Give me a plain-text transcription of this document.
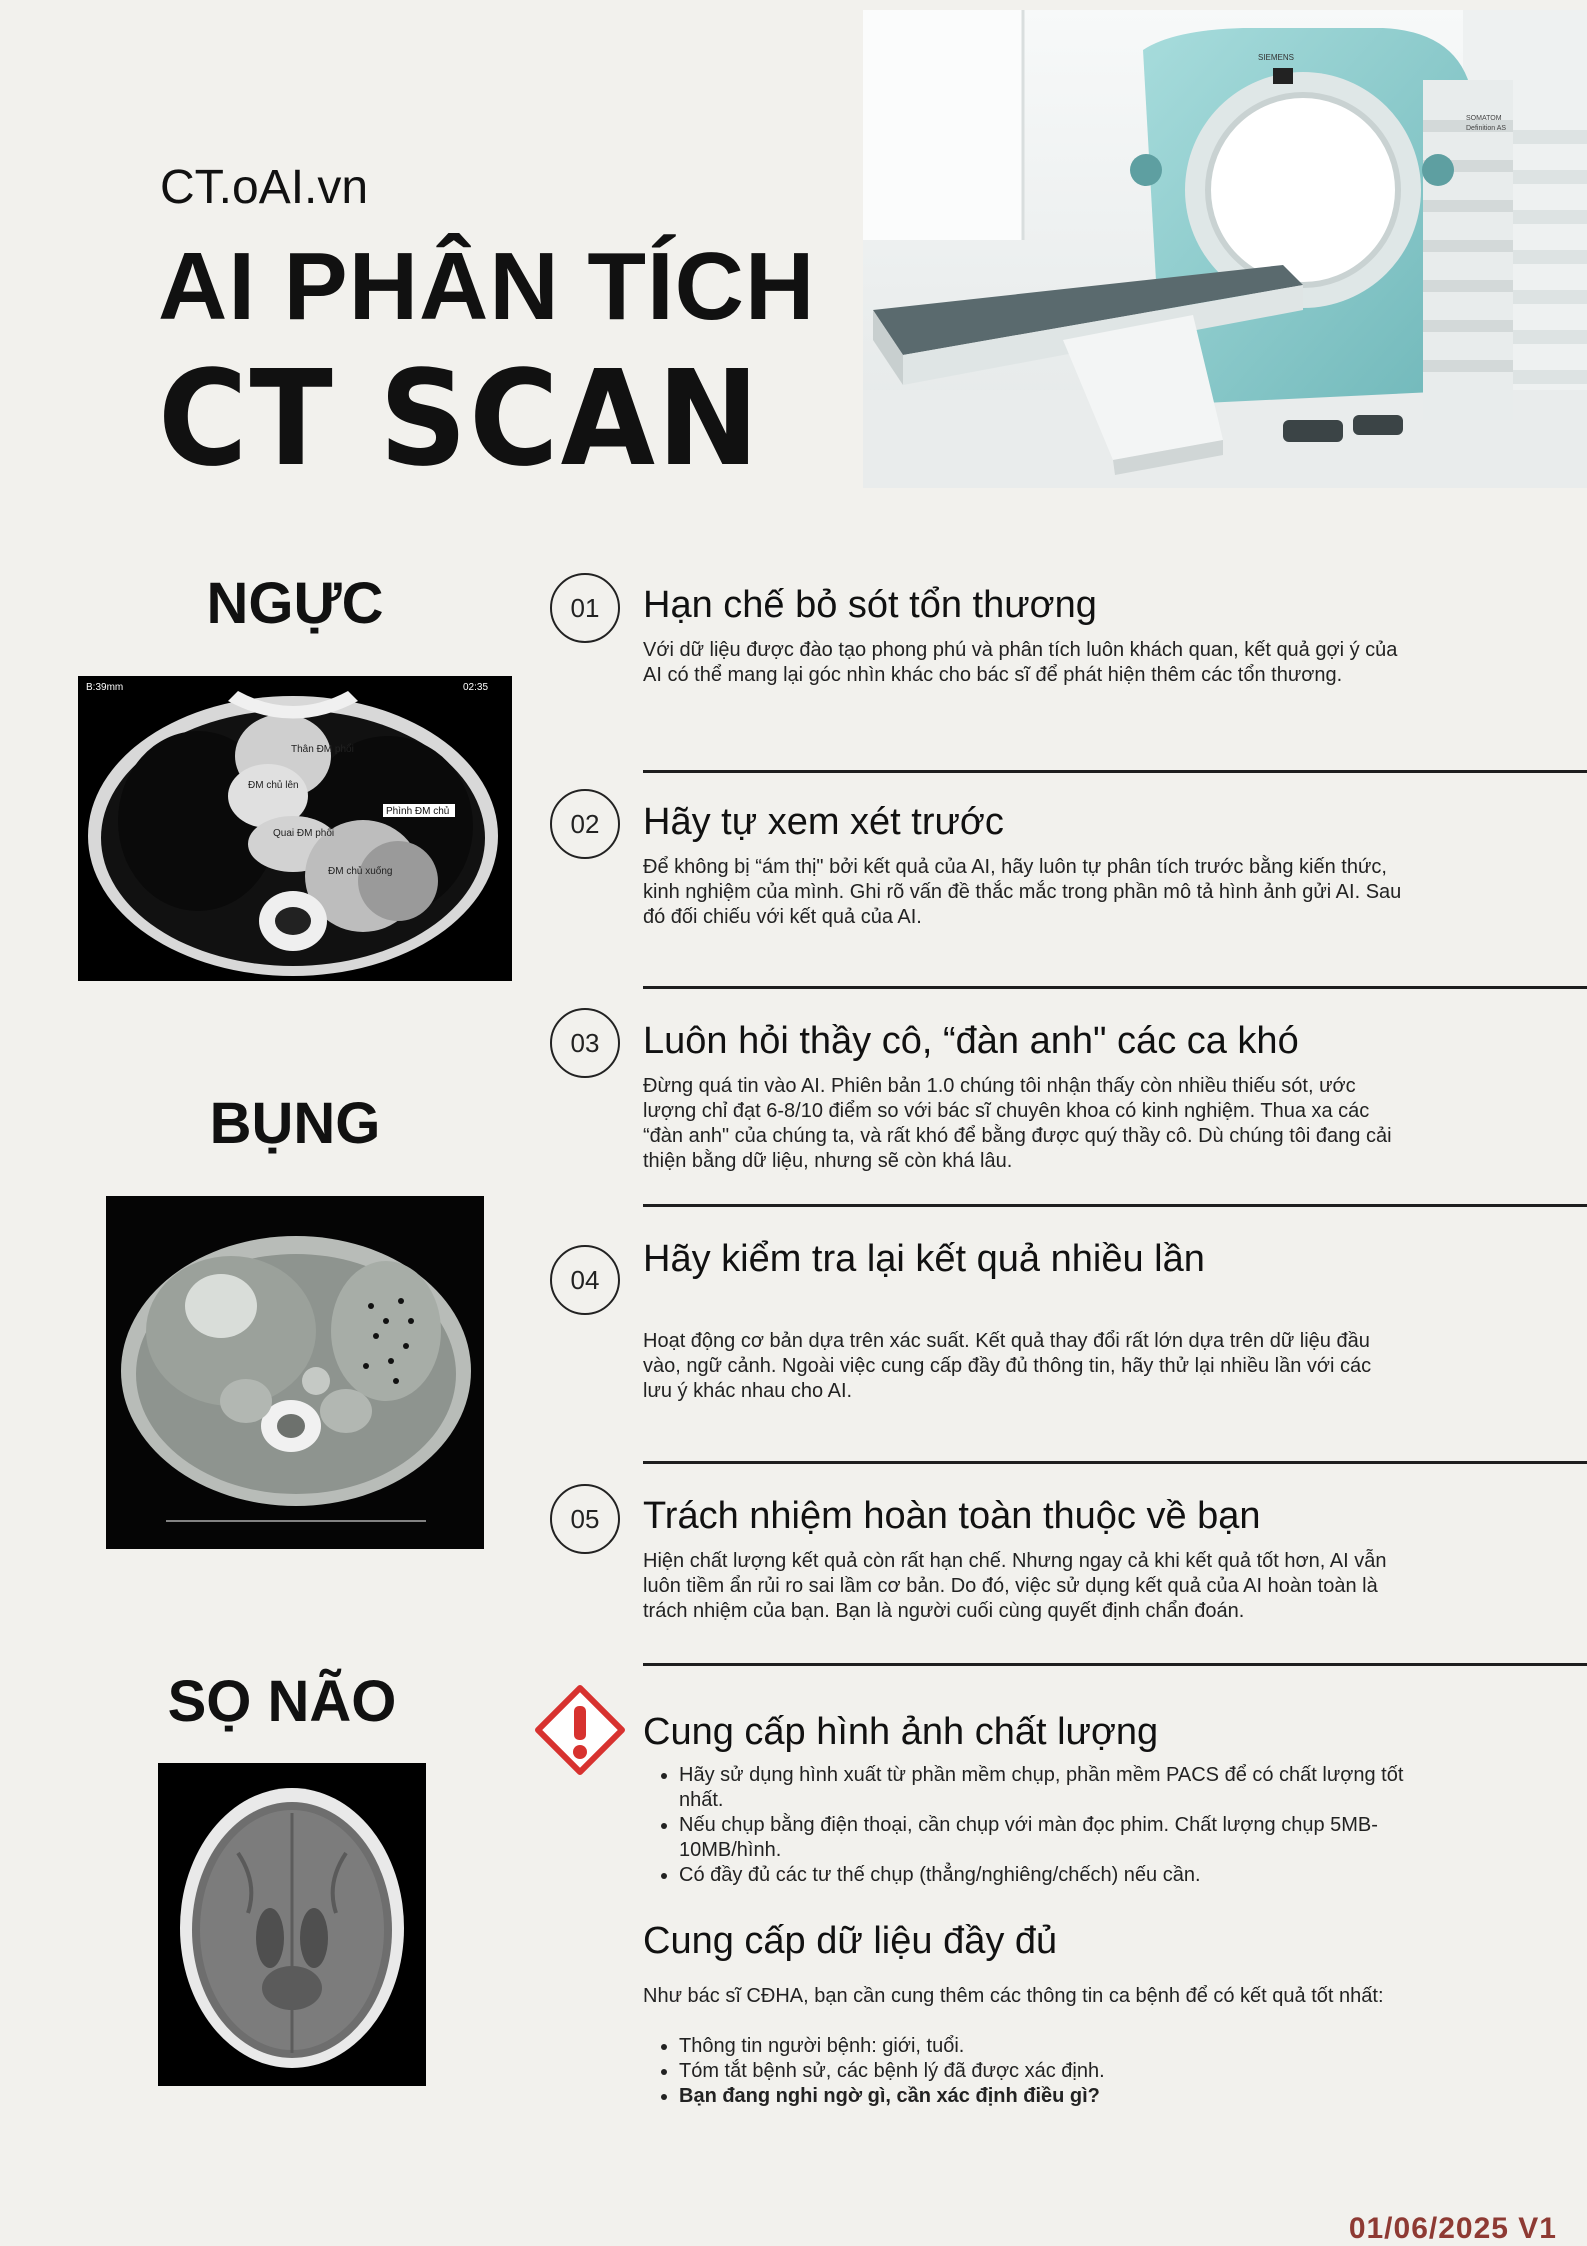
CT.oAI.vn
AI PHÂN TÍCH
CT SCAN
SIEMENS
SOMATOM
Definition AS
NGỰC
B:39mm	02:35
Thân ĐM phổi
ĐM chủ lên
Quai ĐM phổi
ĐM chủ xuống
Phình ĐM chủ
BỤNG
SỌ NÃO
01	Hạn chế bỏ sót tổn thương
Với dữ liệu được đào tạo phong phú và phân tích luôn khách quan, kết quả gợi ý của AI có thể mang lại góc nhìn khác cho bác sĩ để phát hiện thêm các tổn thương.
02	Hãy tự xem xét trước
Để không bị “ám thị" bởi kết quả của AI, hãy luôn tự phân tích trước bằng kiến thức, kinh nghiệm của mình. Ghi rõ vấn đề thắc mắc trong phần mô tả hình ảnh gửi AI. Sau đó đối chiếu với kết quả của AI.
03	Luôn hỏi thầy cô, “đàn anh" các ca khó
Đừng quá tin vào AI. Phiên bản 1.0 chúng tôi nhận thấy còn nhiều thiếu sót, ước lượng chỉ đạt 6-8/10 điểm so với bác sĩ chuyên khoa có kinh nghiệm. Thua xa các “đàn anh" của chúng ta, và rất khó để bằng được quý thầy cô. Dù chúng tôi đang cải thiện bằng dữ liệu, nhưng sẽ còn khá lâu.
04	Hãy kiểm tra lại kết quả nhiều lần
Hoạt động cơ bản dựa trên xác suất. Kết quả thay đổi rất lớn dựa trên dữ liệu đầu vào, ngữ cảnh. Ngoài việc cung cấp đầy đủ thông tin, hãy thử lại nhiều lần với các lưu ý khác nhau cho AI.
05	Trách nhiệm hoàn toàn thuộc về bạn
Hiện chất lượng kết quả còn rất hạn chế. Nhưng ngay cả khi kết quả tốt hơn, AI vẫn luôn tiềm ẩn rủi ro sai lầm cơ bản. Do đó, việc sử dụng kết quả của AI hoàn toàn là trách nhiệm của bạn. Bạn là người cuối cùng quyết định chẩn đoán.
Cung cấp hình ảnh chất lượng
• Hãy sử dụng hình xuất từ phần mềm chụp, phần mềm PACS để có chất lượng tốt nhất.
• Nếu chụp bằng điện thoại, cần chụp với màn đọc phim. Chất lượng chụp 5MB-10MB/hình.
• Có đầy đủ các tư thế chụp (thẳng/nghiêng/chếch) nếu cần.
Cung cấp dữ liệu đầy đủ
Như bác sĩ CĐHA, bạn cần cung thêm các thông tin ca bệnh để có kết quả tốt nhất:
• Thông tin người bệnh: giới, tuổi.
• Tóm tắt bệnh sử, các bệnh lý đã được xác định.
• Bạn đang nghi ngờ gì, cần xác định điều gì?
01/06/2025 V1
